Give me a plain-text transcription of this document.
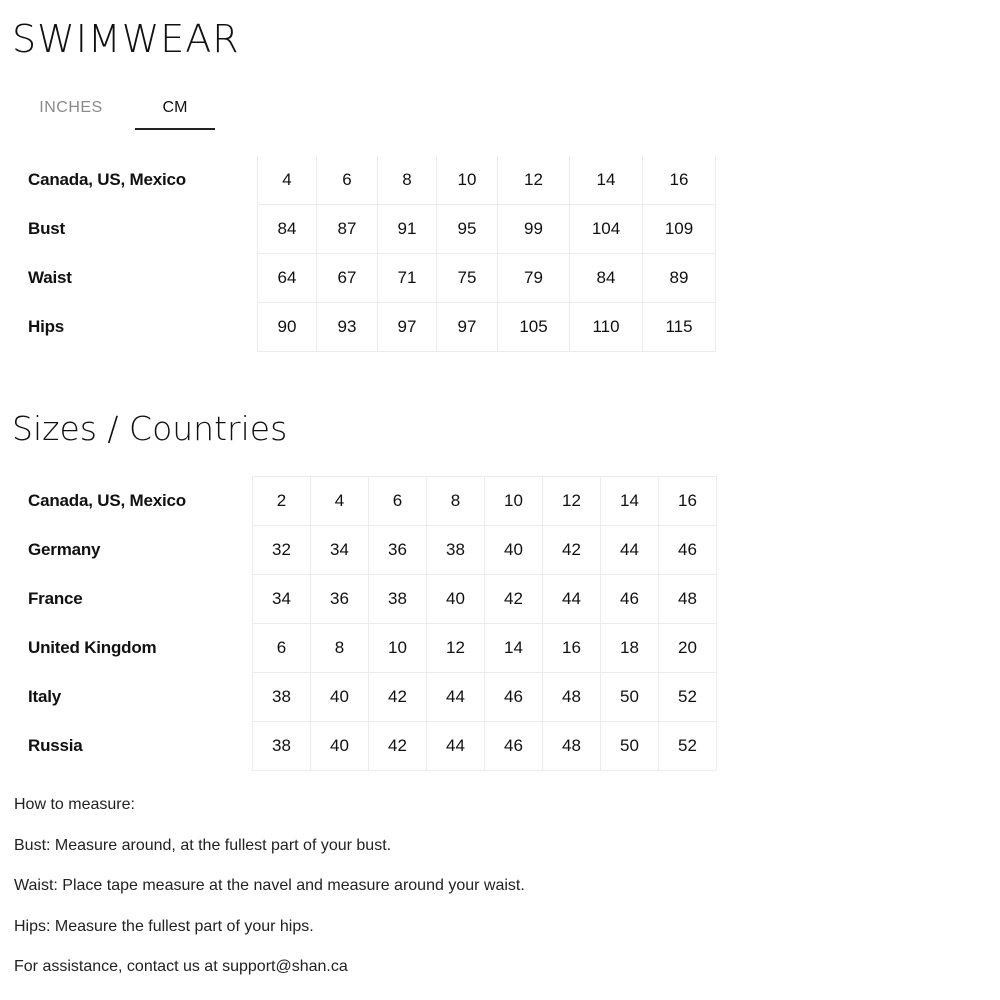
SWIMWEAR
INCHES	CM
Canada, US, Mexico	4	6	8	10	12	14	16
Bust	84	87	91	95	99	104	109
Waist	64	67	71	75	79	84	89
Hips	90	93	97	97	105	110	115
Sizes / Countries
Canada, US, Mexico	2	4	6	8	10	12	14	16
Germany	32	34	36	38	40	42	44	46
France	34	36	38	40	42	44	46	48
United Kingdom	6	8	10	12	14	16	18	20
Italy	38	40	42	44	46	48	50	52
Russia	38	40	42	44	46	48	50	52

How to measure:

Bust: Measure around, at the fullest part of your bust.

Waist: Place tape measure at the navel and measure around your waist.

Hips: Measure the fullest part of your hips.

For assistance, contact us at support@shan.ca
